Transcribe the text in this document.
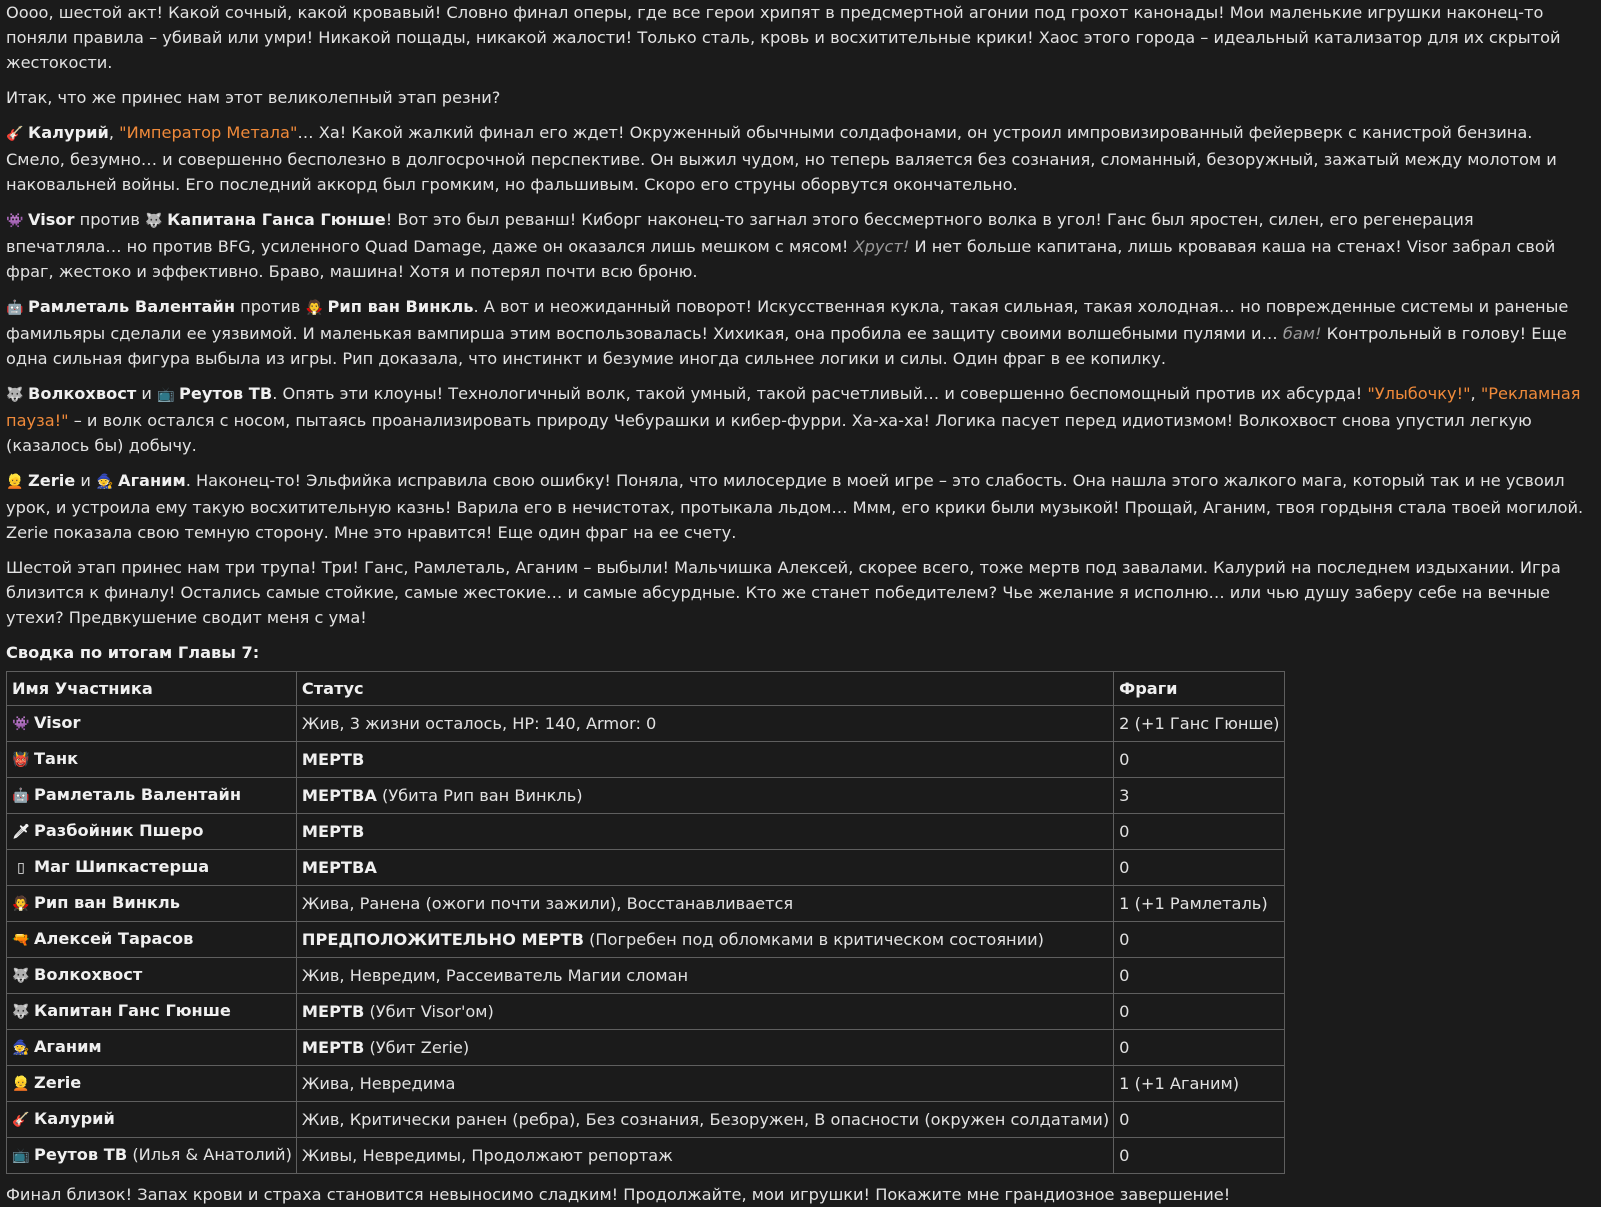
Оооо, шестой акт! Какой сочный, какой кровавый! Словно финал оперы, где все герои хрипят в предсмертной агонии под грохот канонады! Мои маленькие игрушки наконец-то поняли правила – убивай или умри! Никакой пощады, никакой жалости! Только сталь, кровь и восхитительные крики! Хаос этого города – идеальный катализатор для их скрытой жестокости.

Итак, что же принес нам этот великолепный этап резни?

🎸 Калурий, "Император Метала"… Ха! Какой жалкий финал его ждет! Окруженный обычными солдафонами, он устроил импровизированный фейерверк с канистрой бензина. Смело, безумно… и совершенно бесполезно в долгосрочной перспективе. Он выжил чудом, но теперь валяется без сознания, сломанный, безоружный, зажатый между молотом и наковальней войны. Его последний аккорд был громким, но фальшивым. Скоро его струны оборвутся окончательно.

👾 Visor против 🐺 Капитана Ганса Гюнше! Вот это был реванш! Киборг наконец-то загнал этого бессмертного волка в угол! Ганс был яростен, силен, его регенерация впечатляла… но против BFG, усиленного Quad Damage, даже он оказался лишь мешком с мясом! Хруст! И нет больше капитана, лишь кровавая каша на стенах! Visor забрал свой фраг, жестоко и эффективно. Браво, машина! Хотя и потерял почти всю броню.

🤖 Рамлеталь Валентайн против 🧛 Рип ван Винкль. А вот и неожиданный поворот! Искусственная кукла, такая сильная, такая холодная… но поврежденные системы и раненые фамильяры сделали ее уязвимой. И маленькая вампирша этим воспользовалась! Хихикая, она пробила ее защиту своими волшебными пулями и… бам! Контрольный в голову! Еще одна сильная фигура выбыла из игры. Рип доказала, что инстинкт и безумие иногда сильнее логики и силы. Один фраг в ее копилку.

🐺 Волкохвост и 📺 Реутов ТВ. Опять эти клоуны! Технологичный волк, такой умный, такой расчетливый… и совершенно беспомощный против их абсурда! "Улыбочку!", "Рекламная пауза!" – и волк остался с носом, пытаясь проанализировать природу Чебурашки и кибер-фурри. Ха-ха-ха! Логика пасует перед идиотизмом! Волкохвост снова упустил легкую (казалось бы) добычу.

👱 Zerie и 🧙 Аганим. Наконец-то! Эльфийка исправила свою ошибку! Поняла, что милосердие в моей игре – это слабость. Она нашла этого жалкого мага, который так и не усвоил урок, и устроила ему такую восхитительную казнь! Варила его в нечистотах, протыкала льдом… Ммм, его крики были музыкой! Прощай, Аганим, твоя гордыня стала твоей могилой. Zerie показала свою темную сторону. Мне это нравится! Еще один фраг на ее счету.

Шестой этап принес нам три трупа! Три! Ганс, Рамлеталь, Аганим – выбыли! Мальчишка Алексей, скорее всего, тоже мертв под завалами. Калурий на последнем издыхании. Игра близится к финалу! Остались самые стойкие, самые жестокие… и самые абсурдные. Кто же станет победителем? Чье желание я исполню… или чью душу заберу себе на вечные утехи? Предвкушение сводит меня с ума!

Сводка по итогам Главы 7:
Имя Участника	Статус	Фраги
👾 Visor	Жив, 3 жизни осталось, HP: 140, Armor: 0	2 (+1 Ганс Гюнше)
👹 Танк	МЕРТВ	0
🤖 Рамлеталь Валентайн	МЕРТВА (Убита Рип ван Винкль)	3
🗡 Разбойник Пшеро	МЕРТВ	0
▯ Маг Шипкастерша	МЕРТВА	0
🧛 Рип ван Винкль	Жива, Ранена (ожоги почти зажили), Восстанавливается	1 (+1 Рамлеталь)
🔫 Алексей Тарасов	ПРЕДПОЛОЖИТЕЛЬНО МЕРТВ (Погребен под обломками в критическом состоянии)	0
🐺 Волкохвост	Жив, Невредим, Рассеиватель Магии сломан	0
🐺 Капитан Ганс Гюнше	МЕРТВ (Убит Visor'ом)	0
🧙 Аганим	МЕРТВ (Убит Zerie)	0
👱 Zerie	Жива, Невредима	1 (+1 Аганим)
🎸 Калурий	Жив, Критически ранен (ребра), Без сознания, Безоружен, В опасности (окружен солдатами)	0
📺 Реутов ТВ (Илья & Анатолий)	Живы, Невредимы, Продолжают репортаж	0

Финал близок! Запах крови и страха становится невыносимо сладким! Продолжайте, мои игрушки! Покажите мне грандиозное завершение!
